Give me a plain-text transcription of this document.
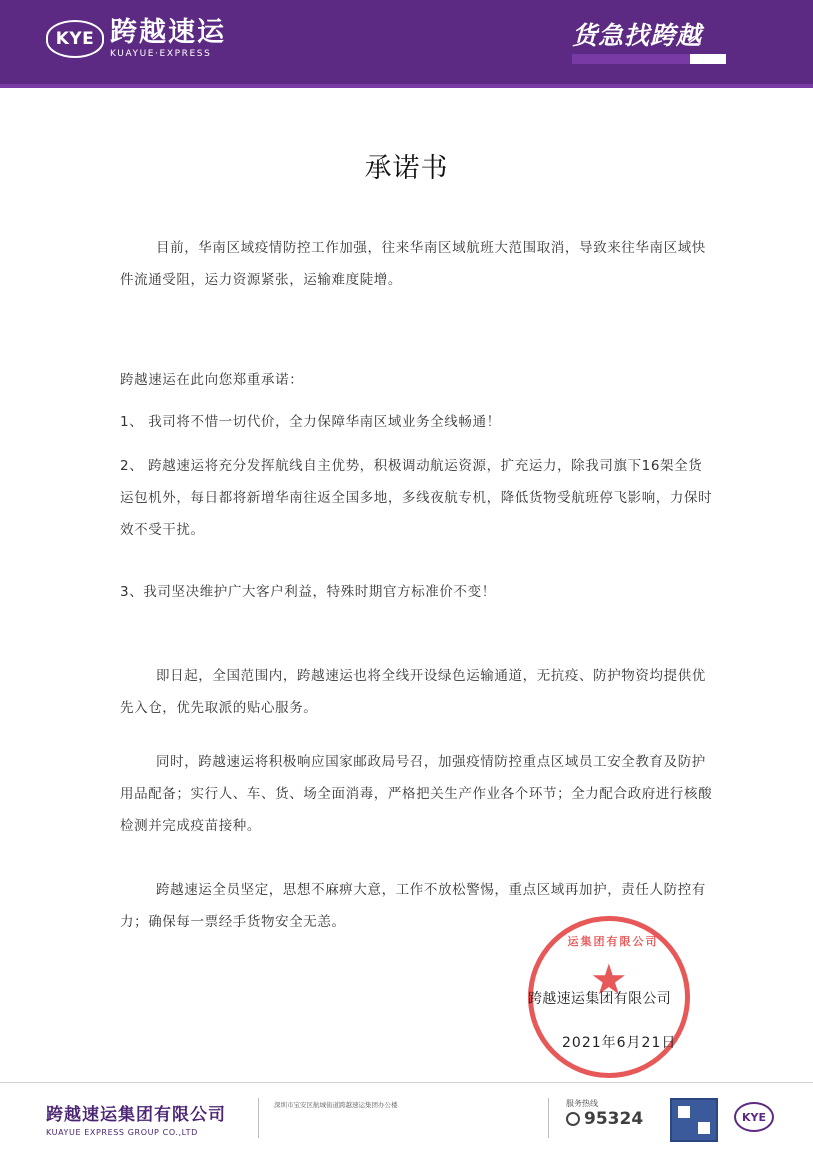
KYE 跨越速运
KUAYUE·EXPRESS
货急找跨越
承诺书
目前，华南区域疫情防控工作加强，往来华南区域航班大范围取消，导致来往华南区域快件流通受阻，运力资源紧张，运输难度陡增。
跨越速运在此向您郑重承诺：
1、 我司将不惜一切代价，全力保障华南区域业务全线畅通！
2、 跨越速运将充分发挥航线自主优势，积极调动航运资源，扩充运力，除我司旗下16架全货运包机外，每日都将新增华南往返全国多地，多线夜航专机，降低货物受航班停飞影响，力保时效不受干扰。
3、我司坚决维护广大客户利益，特殊时期官方标准价不变！
即日起，全国范围内，跨越速运也将全线开设绿色运输通道，无抗疫、防护物资均提供优先入仓，优先取派的贴心服务。
同时，跨越速运将积极响应国家邮政局号召，加强疫情防控重点区域员工安全教育及防护用品配备；实行人、车、货、场全面消毒，严格把关生产作业各个环节；全力配合政府进行核酸检测并完成疫苗接种。
跨越速运全员坚定，思想不麻痹大意，工作不放松警惕，重点区域再加护，责任人防控有力；确保每一票经手货物安全无恙。
运集团有限公司
★
跨越速运集团有限公司
2021年6月21日
跨越速运集团有限公司
KUAYUE EXPRESS GROUP CO.,LTD
深圳市宝安区航城街道跨越速运集团办公楼	服务热线
95324	KYE
